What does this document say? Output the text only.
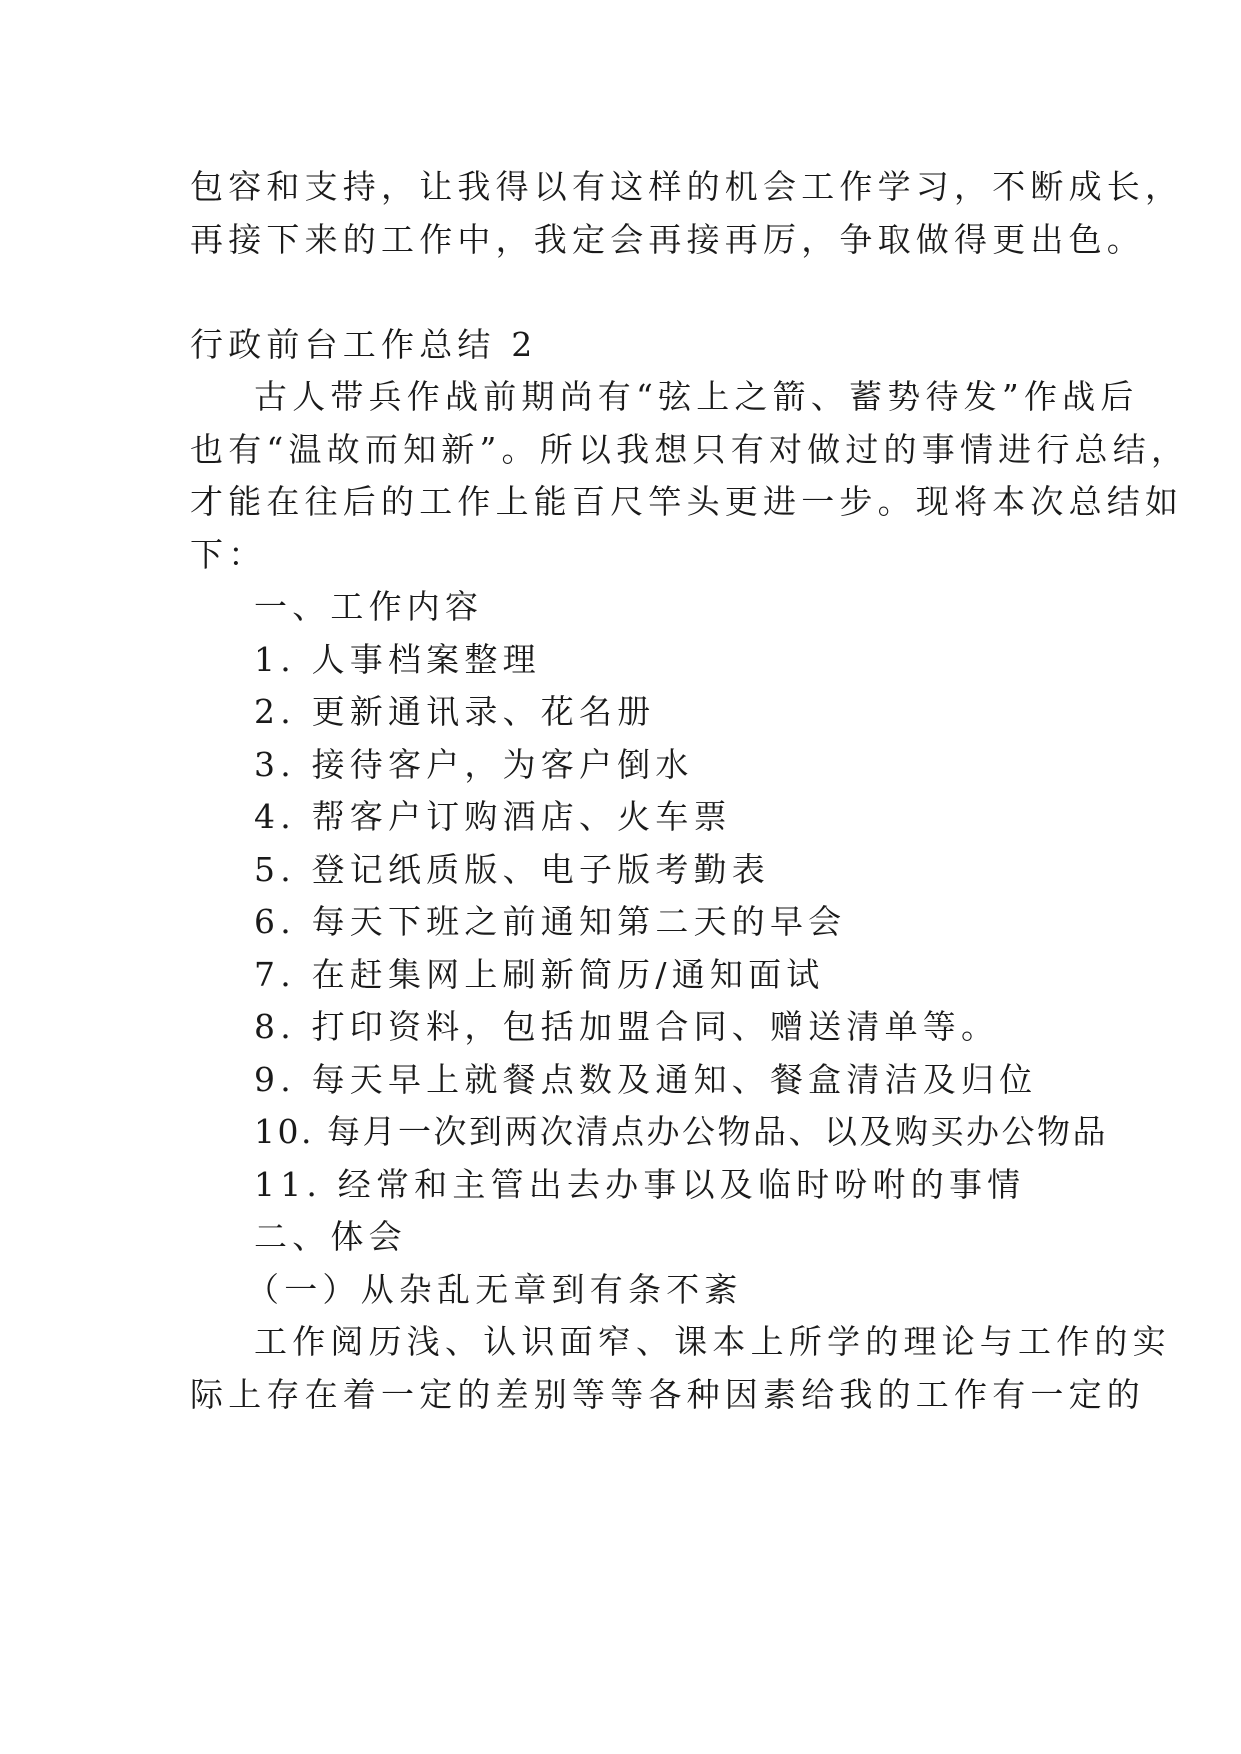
包容和支持，让我得以有这样的机会工作学习，不断成长，
再接下来的工作中，我定会再接再厉，争取做得更出色。
行政前台工作总结 2
古人带兵作战前期尚有“弦上之箭、蓄势待发”作战后
也有“温故而知新”。所以我想只有对做过的事情进行总结，
才能在往后的工作上能百尺竿头更进一步。现将本次总结如
下：
一、工作内容
1. 人事档案整理
2. 更新通讯录、花名册
3. 接待客户，为客户倒水
4. 帮客户订购酒店、火车票
5. 登记纸质版、电子版考勤表
6. 每天下班之前通知第二天的早会
7. 在赶集网上刷新简历/通知面试
8. 打印资料，包括加盟合同、赠送清单等。
9. 每天早上就餐点数及通知、餐盒清洁及归位
10. 每月一次到两次清点办公物品、以及购买办公物品
11. 经常和主管出去办事以及临时吩咐的事情
二、体会
（一）从杂乱无章到有条不紊
工作阅历浅、认识面窄、课本上所学的理论与工作的实
际上存在着一定的差别等等各种因素给我的工作有一定的
